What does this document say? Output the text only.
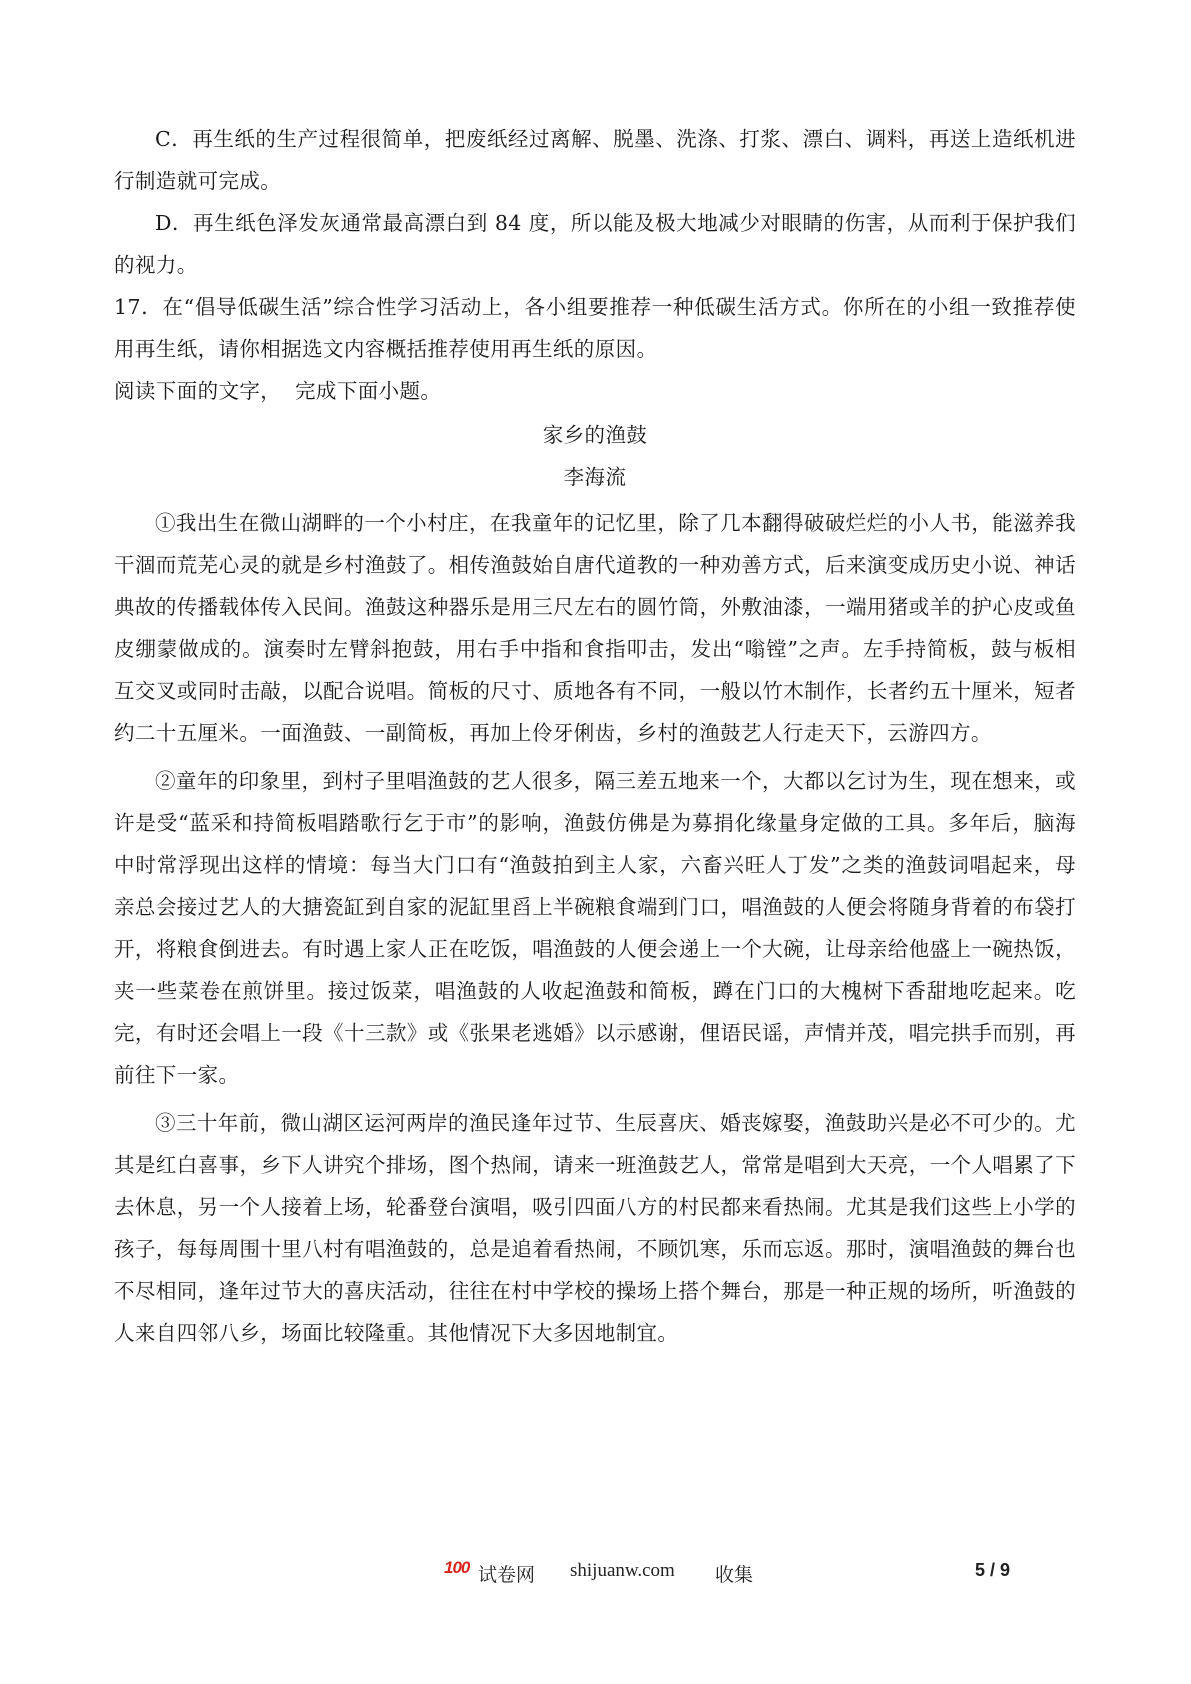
C．再生纸的生产过程很简单，把废纸经过离解、脱墨、洗涤、打浆、漂白、调料，再送上造纸机进行制造就可完成。

D．再生纸色泽发灰通常最高漂白到 84 度，所以能及极大地减少对眼睛的伤害，从而利于保护我们的视力。

17．在“倡导低碳生活”综合性学习活动上，各小组要推荐一种低碳生活方式。你所在的小组一致推荐使用再生纸，请你相据选文内容概括推荐使用再生纸的原因。

阅读下面的文字，  完成下面小题。

家乡的渔鼓

李海流

①我出生在微山湖畔的一个小村庄，在我童年的记忆里，除了几本翻得破破烂烂的小人书，能滋养我干涸而荒芜心灵的就是乡村渔鼓了。相传渔鼓始自唐代道教的一种劝善方式，后来演变成历史小说、神话典故的传播载体传入民间。渔鼓这种器乐是用三尺左右的圆竹筒，外敷油漆，一端用猪或羊的护心皮或鱼皮绷蒙做成的。演奏时左臂斜抱鼓，用右手中指和食指叩击，发出“嗡镗”之声。左手持简板，鼓与板相互交叉或同时击敲，以配合说唱。简板的尺寸、质地各有不同，一般以竹木制作，长者约五十厘米，短者约二十五厘米。一面渔鼓、一副简板，再加上伶牙俐齿，乡村的渔鼓艺人行走天下，云游四方。

②童年的印象里，到村子里唱渔鼓的艺人很多，隔三差五地来一个，大都以乞讨为生，现在想来，或许是受“蓝采和持简板唱踏歌行乞于市”的影响，渔鼓仿佛是为募捐化缘量身定做的工具。多年后，脑海中时常浮现出这样的情境：每当大门口有“渔鼓拍到主人家，六畜兴旺人丁发”之类的渔鼓词唱起来，母亲总会接过艺人的大搪瓷缸到自家的泥缸里舀上半碗粮食端到门口，唱渔鼓的人便会将随身背着的布袋打开，将粮食倒进去。有时遇上家人正在吃饭，唱渔鼓的人便会递上一个大碗，让母亲给他盛上一碗热饭，夹一些菜卷在煎饼里。接过饭菜，唱渔鼓的人收起渔鼓和简板，蹲在门口的大槐树下香甜地吃起来。吃完，有时还会唱上一段《十三款》或《张果老逃婚》以示感谢，俚语民谣，声情并茂，唱完拱手而别，再前往下一家。

③三十年前，微山湖区运河两岸的渔民逢年过节、生辰喜庆、婚丧嫁娶，渔鼓助兴是必不可少的。尤其是红白喜事，乡下人讲究个排场，图个热闹，请来一班渔鼓艺人，常常是唱到大天亮，一个人唱累了下去休息，另一个人接着上场，轮番登台演唱，吸引四面八方的村民都来看热闹。尤其是我们这些上小学的孩子，每每周围十里八村有唱渔鼓的，总是追着看热闹，不顾饥寒，乐而忘返。那时，演唱渔鼓的舞台也不尽相同，逢年过节大的喜庆活动，往往在村中学校的操场上搭个舞台，那是一种正规的场所，听渔鼓的人来自四邻八乡，场面比较隆重。其他情况下大多因地制宜。

100 试卷网 shijuanw.com 收集	5 / 9
